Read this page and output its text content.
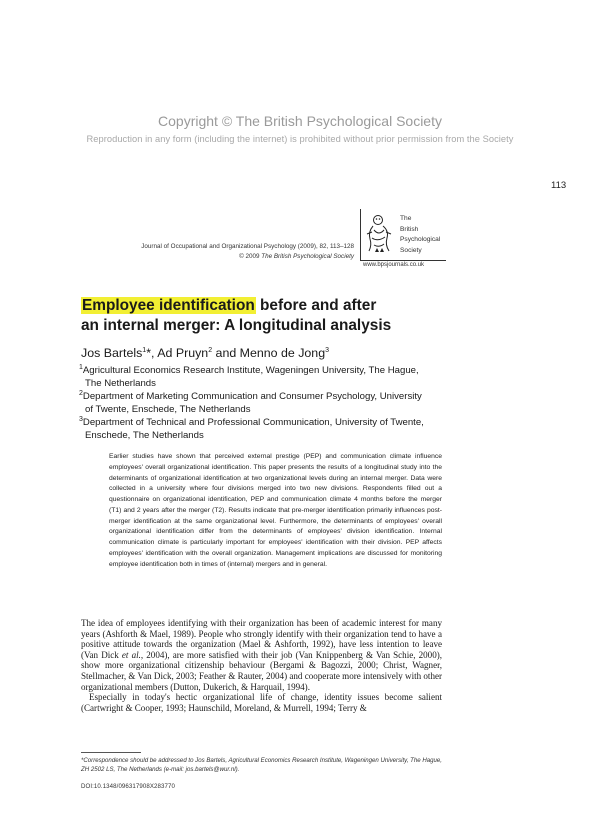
Copyright © The British Psychological Society
Reproduction in any form (including the internet) is prohibited without prior permission from the Society
113
Journal of Occupational and Organizational Psychology (2009), 82, 113–128
© 2009 The British Psychological Society
The
British
Psychological
Society
www.bpsjournals.co.uk
Employee identification before and after
an internal merger: A longitudinal analysis
Jos Bartels$^1$*, Ad Pruyn$^2$ and Menno de Jong$^3$
$^1$Agricultural Economics Research Institute, Wageningen University, The Hague,
The Netherlands
$^2$Department of Marketing Communication and Consumer Psychology, University
of Twente, Enschede, The Netherlands
$^3$Department of Technical and Professional Communication, University of Twente,
Enschede, The Netherlands
Earlier studies have shown that perceived external prestige (PEP) and communication climate influence employees' overall organizational identification. This paper presents the results of a longitudinal study into the determinants of organizational identification at two organizational levels during an internal merger. Data were collected in a university where four divisions merged into two new divisions. Respondents filled out a questionnaire on organizational identification, PEP and communication climate 4 months before the merger (T1) and 2 years after the merger (T2). Results indicate that pre-merger identification primarily influences post-merger identification at the same organizational level. Furthermore, the determinants of employees' overall organizational identification differ from the determinants of employees' division identification. Internal communication climate is particularly important for employees' identification with their division. PEP affects employees' identification with the overall organization. Management implications are discussed for monitoring employee identification both in times of (internal) mergers and in general.

The idea of employees identifying with their organization has been of academic interest for many years (Ashforth & Mael, 1989). People who strongly identify with their organization tend to have a positive attitude towards the organization (Mael & Ashforth, 1992), have less intention to leave (Van Dick et al., 2004), are more satisfied with their job (Van Knippenberg & Van Schie, 2000), show more organizational citizenship behaviour (Bergami & Bagozzi, 2000; Christ, Wagner, Stellmacher, & Van Dick, 2003; Feather & Rauter, 2004) and cooperate more intensively with other organizational members (Dutton, Dukerich, & Harquail, 1994).

Especially in today's hectic organizational life of change, identity issues become salient (Cartwright & Cooper, 1993; Haunschild, Moreland, & Murrell, 1994; Terry &

*Correspondence should be addressed to Jos Bartels, Agricultural Economics Research Institute, Wageningen University, The Hague, ZH 2502 LS, The Netherlands (e-mail: jos.bartels@wur.nl).
DOI:10.1348/096317908X283770
